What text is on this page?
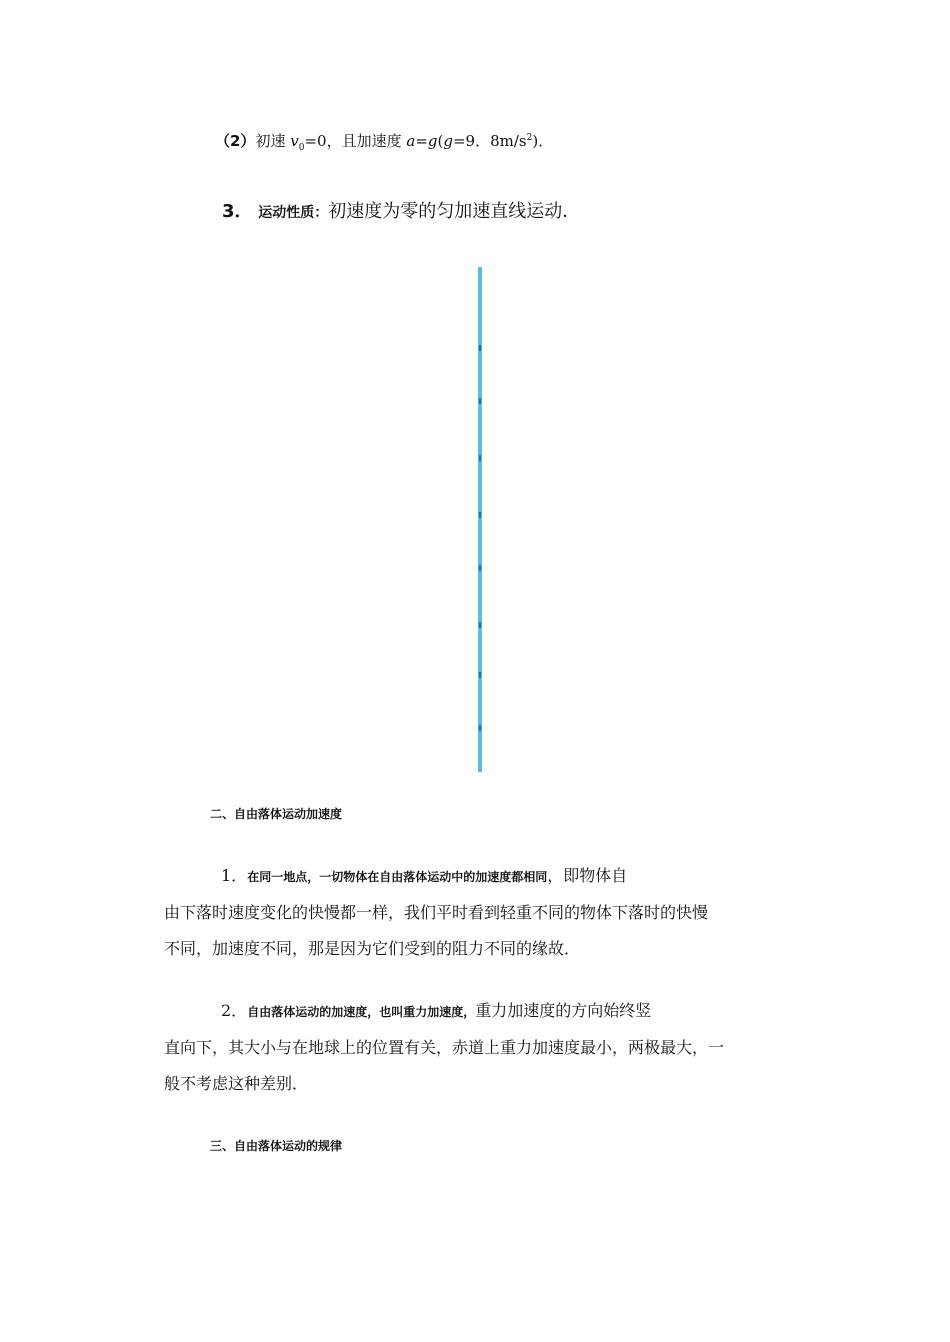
（2）初速 $v_0=0$，且加速度 a=g(g=9．$8m/s^2$)．
3． 运动性质：初速度为零的匀加速直线运动．
二、自由落体运动加速度
1．在同一地点，一切物体在自由落体运动中的加速度都相同，即物体自
由下落时速度变化的快慢都一样，我们平时看到轻重不同的物体下落时的快慢
不同，加速度不同，那是因为它们受到的阻力不同的缘故．
2．自由落体运动的加速度，也叫重力加速度，重力加速度的方向始终竖
直向下，其大小与在地球上的位置有关，赤道上重力加速度最小，两极最大，一
般不考虑这种差别．
三、自由落体运动的规律
